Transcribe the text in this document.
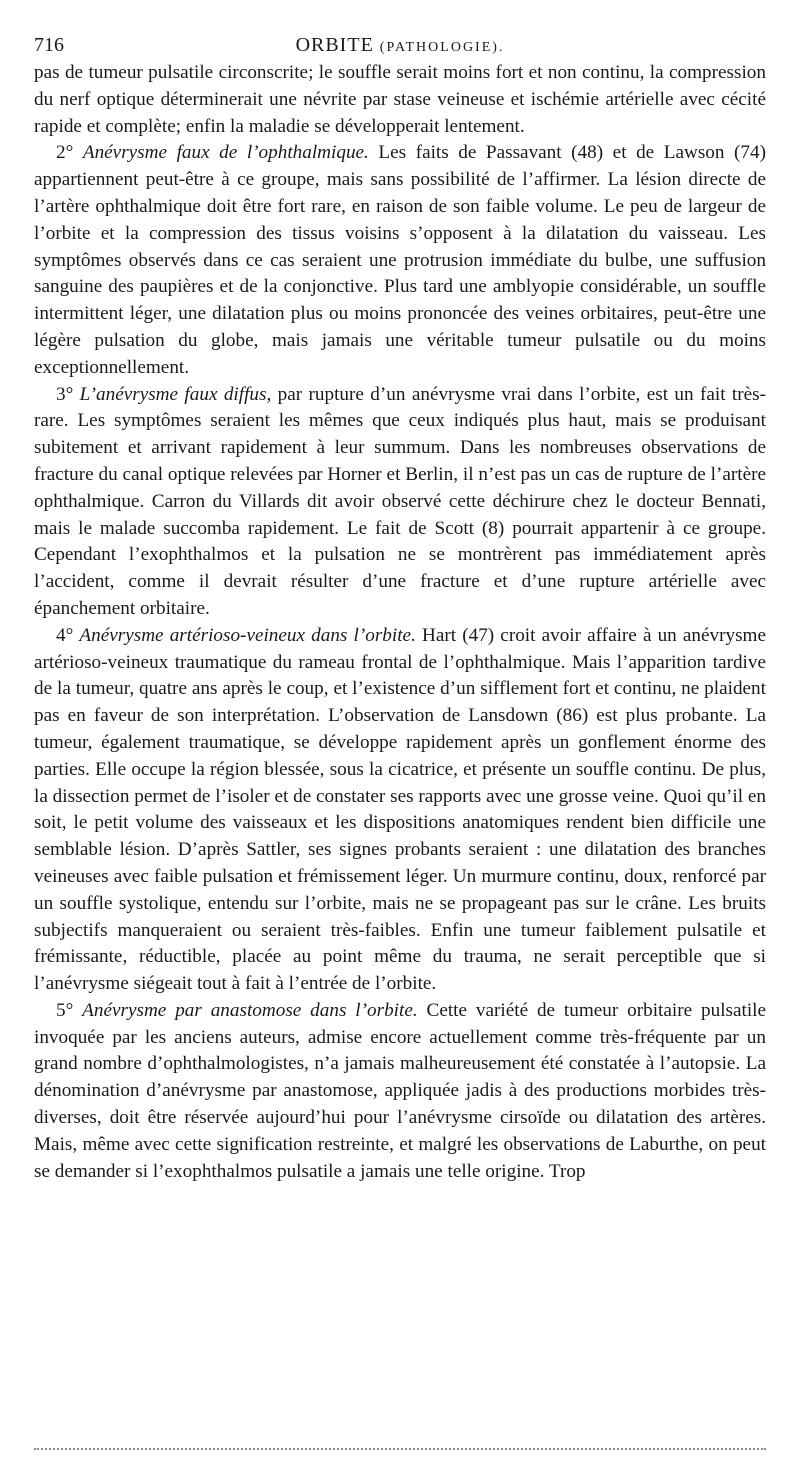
716	ORBITE (PATHOLOGIE).

pas de tumeur pulsatile circonscrite; le souffle serait moins fort et non continu, la compression du nerf optique déterminerait une névrite par stase veineuse et ischémie artérielle avec cécité rapide et complète; enfin la maladie se développerait lentement.

2° Anévrysme faux de l’ophthalmique. Les faits de Passavant (48) et de Lawson (74) appartiennent peut-être à ce groupe, mais sans possibilité de l’affirmer. La lésion directe de l’artère ophthalmique doit être fort rare, en raison de son faible volume. Le peu de largeur de l’orbite et la compression des tissus voisins s’opposent à la dilatation du vaisseau. Les symptômes observés dans ce cas seraient une protrusion immédiate du bulbe, une suffusion sanguine des paupières et de la conjonctive. Plus tard une amblyopie considérable, un souffle intermittent léger, une dilatation plus ou moins prononcée des veines orbitaires, peut-être une légère pulsation du globe, mais jamais une véritable tumeur pulsatile ou du moins exceptionnellement.

3° L’anévrysme faux diffus, par rupture d’un anévrysme vrai dans l’orbite, est un fait très-rare. Les symptômes seraient les mêmes que ceux indiqués plus haut, mais se produisant subitement et arrivant rapidement à leur summum. Dans les nombreuses observations de fracture du canal optique relevées par Horner et Berlin, il n’est pas un cas de rupture de l’artère ophthalmique. Carron du Villards dit avoir observé cette déchirure chez le docteur Bennati, mais le malade succomba rapidement. Le fait de Scott (8) pourrait appartenir à ce groupe. Cependant l’exophthalmos et la pulsation ne se montrèrent pas immédiatement après l’accident, comme il devrait résulter d’une fracture et d’une rupture artérielle avec épanchement orbitaire.

4° Anévrysme artérioso-veineux dans l’orbite. Hart (47) croit avoir affaire à un anévrysme artérioso-veineux traumatique du rameau frontal de l’ophthalmique. Mais l’apparition tardive de la tumeur, quatre ans après le coup, et l’existence d’un sifflement fort et continu, ne plaident pas en faveur de son interprétation. L’observation de Lansdown (86) est plus probante. La tumeur, également traumatique, se développe rapidement après un gonflement énorme des parties. Elle occupe la région blessée, sous la cicatrice, et présente un souffle continu. De plus, la dissection permet de l’isoler et de constater ses rapports avec une grosse veine. Quoi qu’il en soit, le petit volume des vaisseaux et les dispositions anatomiques rendent bien difficile une semblable lésion. D’après Sattler, ses signes probants seraient : une dilatation des branches veineuses avec faible pulsation et frémissement léger. Un murmure continu, doux, renforcé par un souffle systolique, entendu sur l’orbite, mais ne se propageant pas sur le crâne. Les bruits subjectifs manqueraient ou seraient très-faibles. Enfin une tumeur faiblement pulsatile et frémissante, réductible, placée au point même du trauma, ne serait perceptible que si l’anévrysme siégeait tout à fait à l’entrée de l’orbite.

5° Anévrysme par anastomose dans l’orbite. Cette variété de tumeur orbitaire pulsatile invoquée par les anciens auteurs, admise encore actuellement comme très-fréquente par un grand nombre d’ophthalmologistes, n’a jamais malheureusement été constatée à l’autopsie. La dénomination d’anévrysme par anastomose, appliquée jadis à des productions morbides très-diverses, doit être réservée aujourd’hui pour l’anévrysme cirsoïde ou dilatation des artères. Mais, même avec cette signification restreinte, et malgré les observations de Laburthe, on peut se demander si l’exophthalmos pulsatile a jamais une telle origine. Trop
